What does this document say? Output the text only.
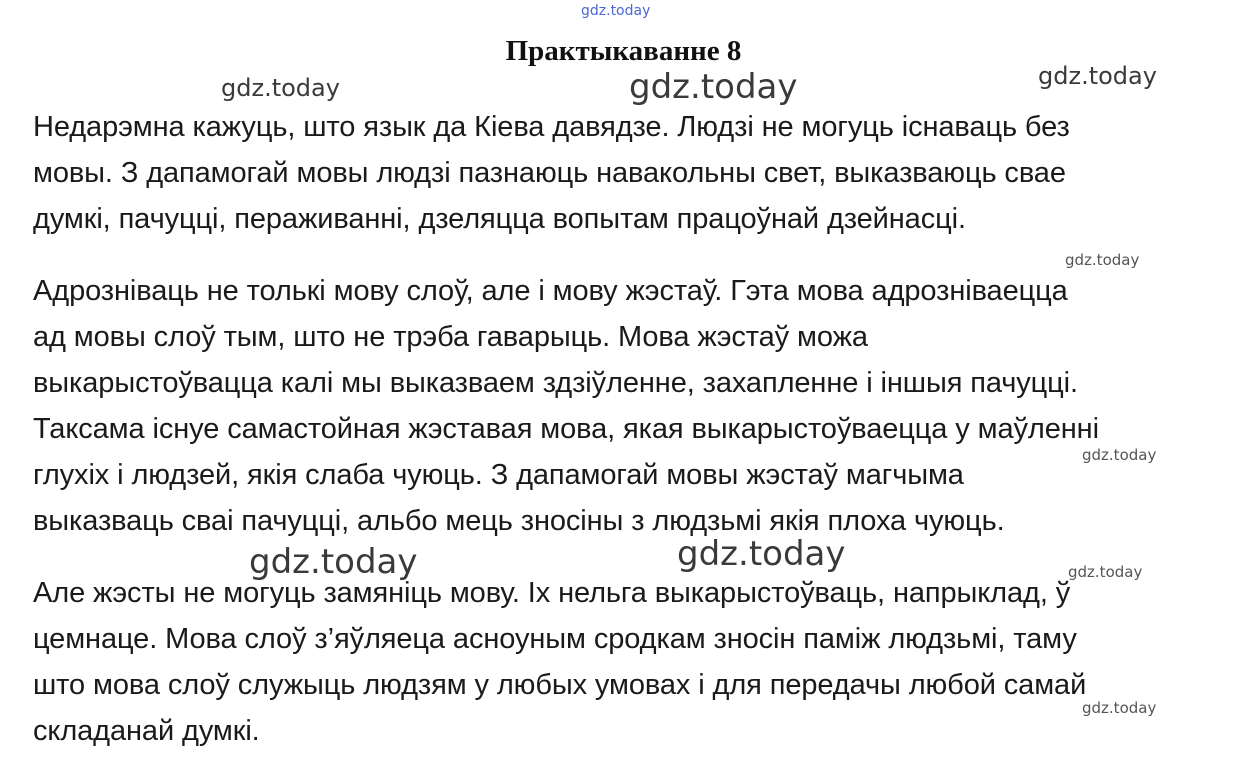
gdz.today
Практыкаванне 8
Недарэмна кажуць, што язык да Кіева давядзе. Людзі не могуць існаваць без
мовы. З дапамогай мовы людзі пазнаюць навакольны свет, выказваюць свае
думкі, пачуцці, пераживанні, дзеляцца вопытам працоўнай дзейнасці.
Адрозніваць не толькі мову слоў, але і мову жэстаў. Гэта мова адрозніваецца
ад мовы слоў тым, што не трэба гаварыць. Мова жэстаў можа
выкарыстоўвацца калі мы выказваем здзіўленне, захапленне і іншыя пачуцці.
Таксама існуе самастойная жэставая мова, якая выкарыстоўваецца у маўленні
глухіх і людзей, якія слаба чуюць. З дапамогай мовы жэстаў магчыма
выказваць сваі пачуцці, альбо мець зносіны з людзьмі якія плоха чуюць.
Але жэсты не могуць замяніць мову. Іх нельга выкарыстоўваць, напрыклад, ў
цемнаце. Мова слоў з’яўляеца асноуным сродкам зносін паміж людзьмі, таму
што мова слоў служыць людзям у любых умовах і для передачы любой самай
складанай думкі.
gdz.today	gdz.today	gdz.today
gdz.today
gdz.today
gdz.today	gdz.today	gdz.today
gdz.today
